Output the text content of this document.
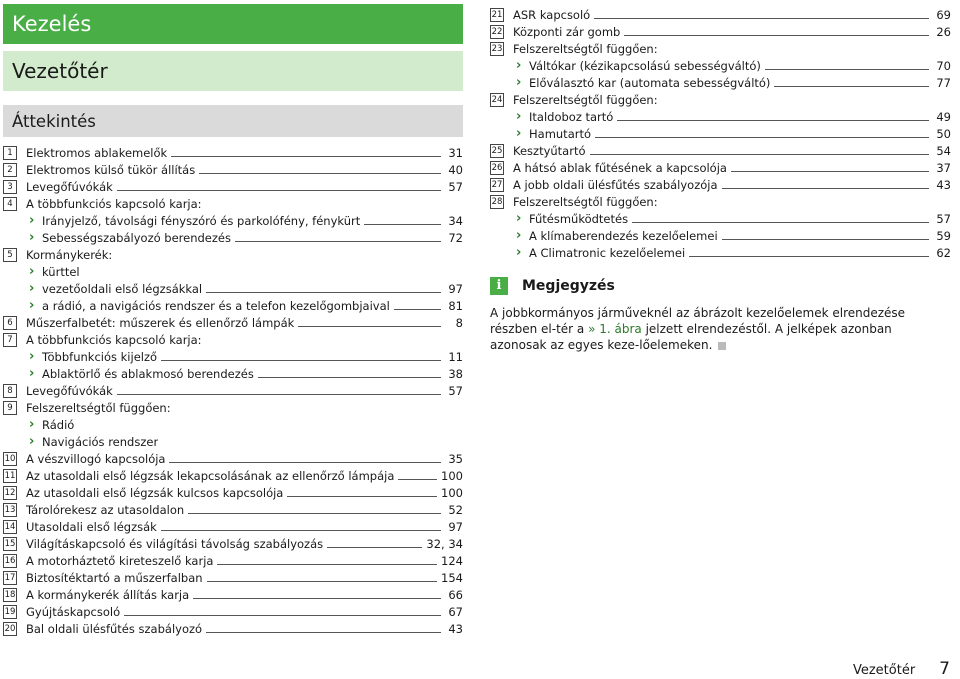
Kezelés
Vezetőtér
Áttekintés
1	Elektromos ablakemelők	31
2	Elektromos külső tükör állítás	40
3	Levegőfúvókák	57
4	A többfunkciós kapcsoló karja:
› Irányjelző, távolsági fényszóró és parkolófény, fénykürt	34
› Sebességszabályozó berendezés	72
5	Kormánykerék:
› kürttel
› vezetőoldali első légzsákkal	97
› a rádió, a navigációs rendszer és a telefon kezelőgombjaival	81
6	Műszerfalbetét: műszerek és ellenőrző lámpák	8
7	A többfunkciós kapcsoló karja:
› Többfunkciós kijelző	11
› Ablaktörlő és ablakmosó berendezés	38
8	Levegőfúvókák	57
9	Felszereltségtől függően:
› Rádió
› Navigációs rendszer
10 A vészvillogó kapcsolója	35
11 Az utasoldali első légzsák lekapcsolásának az ellenőrző lámpája	100
12 Az utasoldali első légzsák kulcsos kapcsolója	100
13 Tárolórekesz az utasoldalon	52
14 Utasoldali első légzsák	97
15 Világításkapcsoló és világítási távolság szabályozás	32, 34
16 A motorháztető kireteszelő karja	124
17 Biztosítéktartó a műszerfalban	154
18 A kormánykerék állítás karja	66
19 Gyújtáskapcsoló	67
20 Bal oldali ülésfűtés szabályozó	43
21 ASR kapcsoló	69
22 Központi zár gomb	26
23 Felszereltségtől függően:
› Váltókar (kézikapcsolású sebességváltó)	70
› Előválasztó kar (automata sebességváltó)	77
24 Felszereltségtől függően:
› Italdoboz tartó	49
› Hamutartó	50
25 Kesztyűtartó	54
26 A hátsó ablak fűtésének a kapcsolója	37
27 A jobb oldali ülésfűtés szabályozója	43
28 Felszereltségtől függően:
› Fűtésműködtetés	57
› A klímaberendezés kezelőelemei	59
› A Climatronic kezelőelemei	62
i	Megjegyzés
A jobbkormányos járműveknél az ábrázolt kezelőelemek elrendezése részben el-tér a » 1. ábra jelzett elrendezéstől. A jelképek azonban azonosak az egyes keze-lőelemeken.
Vezetőtér 7
